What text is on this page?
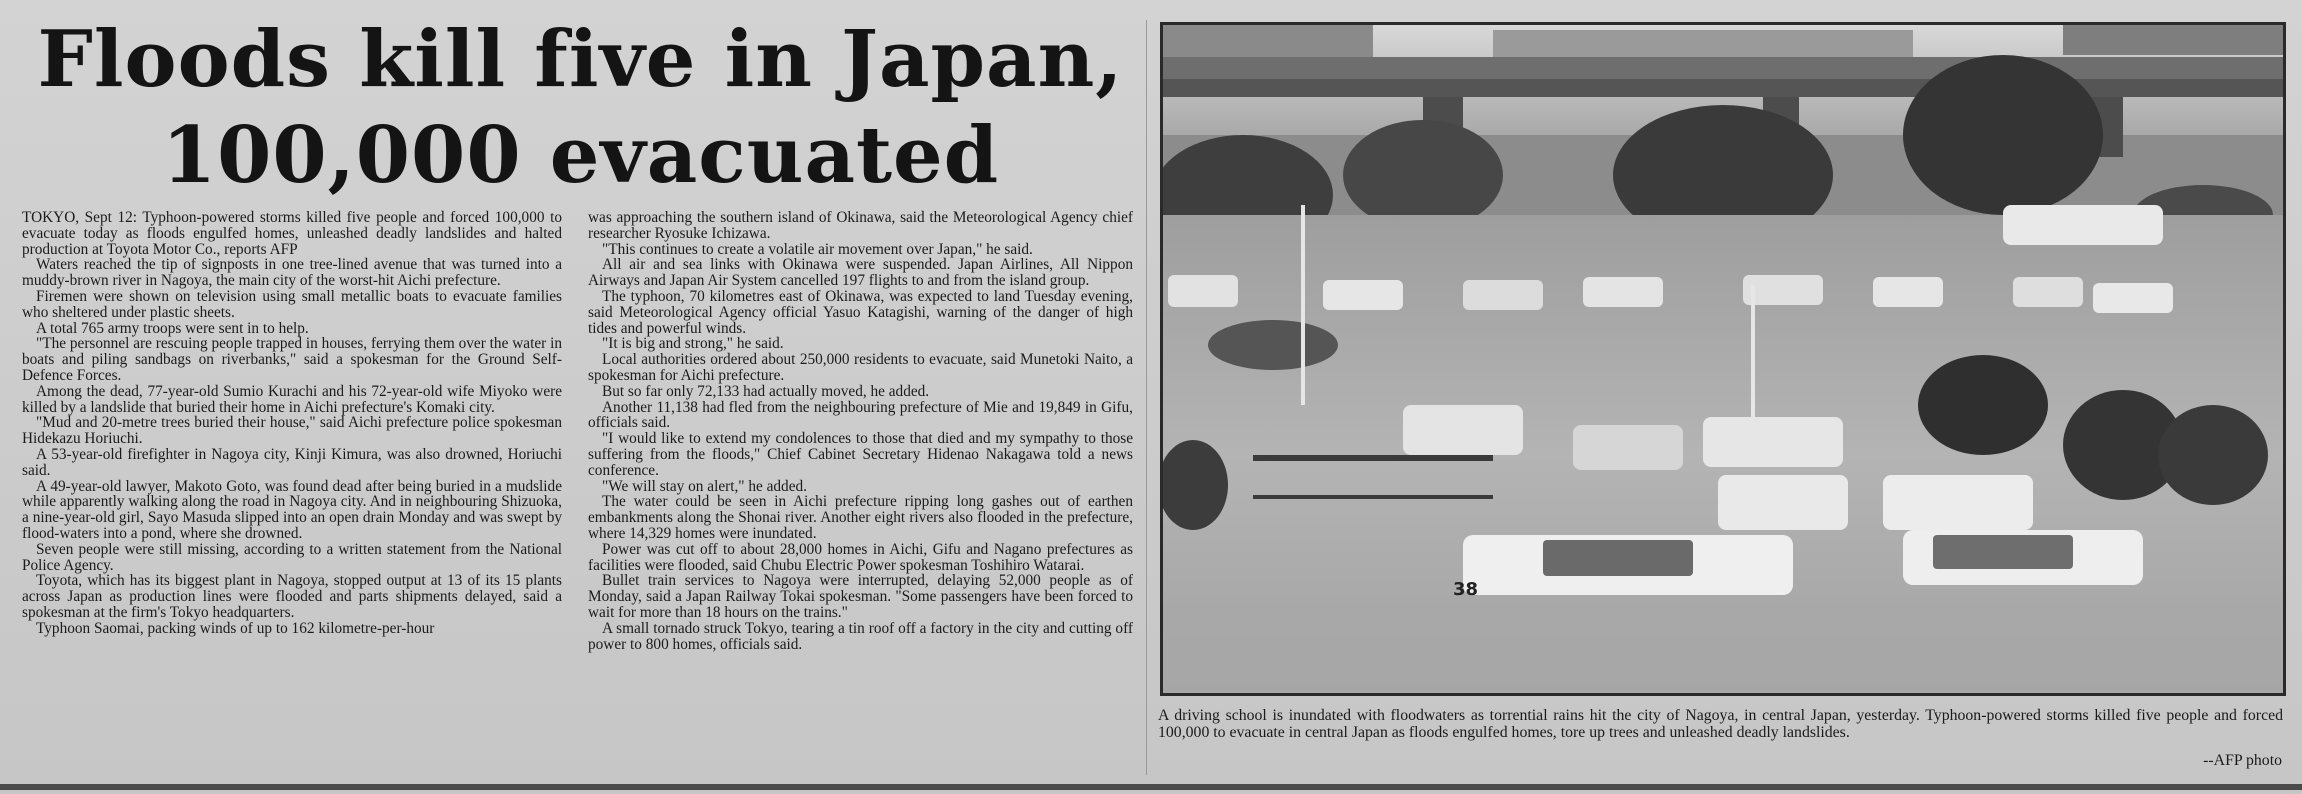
Floods kill five in Japan,
100,000 evacuated

TOKYO, Sept 12: Typhoon-powered storms killed five people and forced 100,000 to evacuate today as floods engulfed homes, unleashed deadly landslides and halted production at Toyota Motor Co., reports AFP

Waters reached the tip of signposts in one tree-lined avenue that was turned into a muddy-brown river in Nagoya, the main city of the worst-hit Aichi prefecture.

Firemen were shown on television using small metallic boats to evacuate families who sheltered under plastic sheets.

A total 765 army troops were sent in to help.

"The personnel are rescuing people trapped in houses, ferrying them over the water in boats and piling sandbags on riverbanks," said a spokesman for the Ground Self-Defence Forces.

Among the dead, 77-year-old Sumio Kurachi and his 72-year-old wife Miyoko were killed by a landslide that buried their home in Aichi prefecture's Komaki city.

"Mud and 20-metre trees buried their house," said Aichi prefecture police spokesman Hidekazu Horiuchi.

A 53-year-old firefighter in Nagoya city, Kinji Kimura, was also drowned, Horiuchi said.

A 49-year-old lawyer, Makoto Goto, was found dead after being buried in a mudslide while apparently walking along the road in Nagoya city. And in neighbouring Shizuoka, a nine-year-old girl, Sayo Masuda slipped into an open drain Monday and was swept by flood-waters into a pond, where she drowned.

Seven people were still missing, according to a written statement from the National Police Agency.

Toyota, which has its biggest plant in Nagoya, stopped output at 13 of its 15 plants across Japan as production lines were flooded and parts shipments delayed, said a spokesman at the firm's Tokyo headquarters.

Typhoon Saomai, packing winds of up to 162 kilometre-per-hour

was approaching the southern island of Okinawa, said the Meteorological Agency chief researcher Ryosuke Ichizawa.

"This continues to create a volatile air movement over Japan," he said.

All air and sea links with Okinawa were suspended. Japan Airlines, All Nippon Airways and Japan Air System cancelled 197 flights to and from the island group.

The typhoon, 70 kilometres east of Okinawa, was expected to land Tuesday evening, said Meteorological Agency official Yasuo Katagishi, warning of the danger of high tides and powerful winds.

"It is big and strong," he said.

Local authorities ordered about 250,000 residents to evacuate, said Munetoki Naito, a spokesman for Aichi prefecture.

But so far only 72,133 had actually moved, he added.

Another 11,138 had fled from the neighbouring prefecture of Mie and 19,849 in Gifu, officials said.

"I would like to extend my condolences to those that died and my sympathy to those suffering from the floods," Chief Cabinet Secretary Hidenao Nakagawa told a news conference.

"We will stay on alert," he added.

The water could be seen in Aichi prefecture ripping long gashes out of earthen embankments along the Shonai river. Another eight rivers also flooded in the prefecture, where 14,329 homes were inundated.

Power was cut off to about 28,000 homes in Aichi, Gifu and Nagano prefectures as facilities were flooded, said Chubu Electric Power spokesman Toshihiro Watarai.

Bullet train services to Nagoya were interrupted, delaying 52,000 people as of Monday, said a Japan Railway Tokai spokesman. "Some passengers have been forced to wait for more than 18 hours on the trains."

A small tornado struck Tokyo, tearing a tin roof off a factory in the city and cutting off power to 800 homes, officials said.

38
A driving school is inundated with floodwaters as torrential rains hit the city of Nagoya, in central Japan, yesterday. Typhoon-powered storms killed five people and forced 100,000 to evacuate in central Japan as floods engulfed homes, tore up trees and unleashed deadly landslides.
--AFP photo
